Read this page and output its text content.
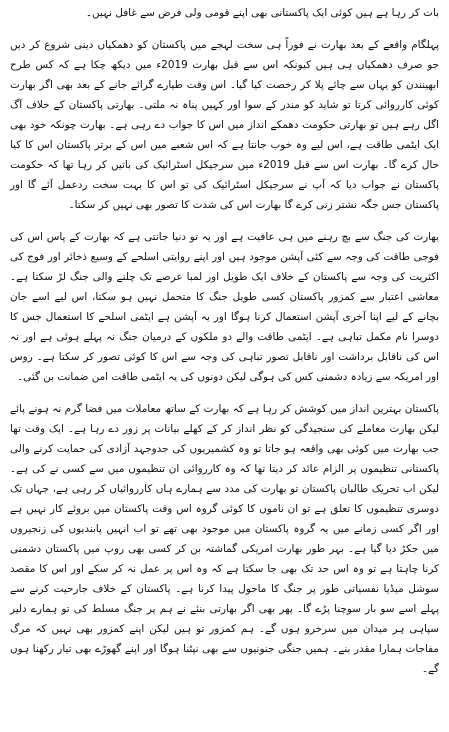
بات کر رہا ہے ہیں کوئی ایک پاکستانی بھی اپنے قومی ولی فرض سے غافل نہیں۔

پہلگام واقعے کے بعد بھارت نے فوراً ہی سخت لہجے میں پاکستان کو دھمکیاں دینی شروع کر دیں جو صرف دھمکیاں ہی ہیں کیونکہ اس سے قبل بھارت 2019ء میں دیکھ چکا ہے کہ کس طرح ابھینندن کو یہاں سے چائے پلا کر رخصت کیا گیا۔ اس وقت طیارے گرائے جانے کے بعد بھی اگر بھارت کوئی کارروائی کرتا تو شاید کو مندر کے سوا اور کہیں پناہ نہ ملتی۔ بھارتی پاکستان کے خلاف آگ اگل رہے ہیں تو بھارتی حکومت دھمکے انداز میں اس کا جواب دے رہی ہے۔ بھارت چونکہ خود بھی ایک ایٹمی طاقت ہے، اس لیے وہ خوب جانتا ہے کہ اس شعبے میں اس کے برتر پاکستان اس کا کیا حال کرے گا۔ بھارت اس سے قبل 2019ء میں سرجیکل اسٹرائیک کی باتیں کر رہا تھا کہ حکومت پاکستان نے جواب دیا کہ آپ نے سرجیکل اسٹرائیک کی تو اس کا بہت سخت ردعمل آئے گا اور پاکستان جس جگہ نشتر زنی کرے گا بھارت اس کی شدت کا تصور بھی نہیں کر سکتا۔

بھارت کی جنگ سے بچ رہنے میں ہی عافیت ہے اور یہ تو دنیا جانتی ہے کہ بھارت کے پاس اس کی فوجی طاقت کی وجہ سے کئی آپشن موجود ہیں اور اپنے روایتی اسلحے کے وسیع ذخائر اور فوج کی اکثریت کی وجہ سے پاکستان کے خلاف ایک طویل اور لمبا عرصے تک چلنے والی جنگ لڑ سکتا ہے۔ معاشی اعتبار سے کمزور پاکستان کسی طویل جنگ کا متحمل نہیں ہو سکتا، اس لیے اسے جان بچانے کے لیے اپنا آخری آپشن استعمال کرنا ہوگا اور یہ آپشن ہے ایٹمی اسلحے کا استعمال جس کا دوسرا نام مکمل تباہی ہے۔ ایٹمی طاقت والے دو ملکوں کے درمیان جنگ نہ پہلے ہوئی ہے اور نہ اس کی ناقابل برداشت اور ناقابل تصور تباہی کی وجہ سے اس کا کوئی تصور کر سکتا ہے۔ روس اور امریکہ سے زیادہ دشمنی کس کی ہوگی لیکن دونوں کی یہ ایٹمی طاقت امن ضمانت بن گئی۔

پاکستان بہترین انداز میں کوشش کر رہا ہے کہ بھارت کے ساتھ معاملات میں فضا گرم نہ ہونے پائے لیکن بھارت معاملے کی سنجیدگی کو نظر انداز کر کے کھلے بیانات پر زور دے رہا ہے۔ ایک وقت تھا جب بھارت میں کوئی بھی واقعہ ہو جاتا تو وہ کشمیریوں کی جدوجہد آزادی کی حمایت کرنے والی پاکستانی تنظیموں پر الزام عائد کر دیتا تھا کہ وہ کارروائی ان تنظیموں میں سے کسی نے کی ہے۔ لیکن اب تحریک طالبان پاکستان تو بھارت کی مدد سے ہمارے ہاں کارروائیاں کر رہی ہے، جہاں تک دوسری تنظیموں کا تعلق ہے تو ان ناموں کا کوئی گروہ اس وقت پاکستان میں بروئے کار نہیں ہے اور اگر کسی زمانے میں یہ گروہ پاکستان میں موجود بھی تھے تو اب انہیں پابندیوں کی زنجیروں میں جکڑ دیا گیا ہے۔ بہر طور بھارت امریکی گماشتہ بن کر کسی بھی روپ میں پاکستان دشمنی کرنا چاہتا ہے تو وہ اس حد تک بھی جا سکتا ہے کہ وہ اس پر عمل نہ کر سکے اور اس کا مقصد سوشل میڈیا نفسیاتی طور پر جنگ کا ماحول پیدا کرنا ہے۔ پاکستان کے خلاف جارحیت کرنے سے پہلے اسے سو بار سوچنا پڑے گا۔ پھر بھی اگر بھارتی بنئے نے ہم پر جنگ مسلط کی تو ہمارے دلیر سپاہی ہر میدان میں سرخرو ہوں گے۔ ہم کمزور تو ہیں لیکن اپنے کمزور بھی نہیں کہ مرگ مفاجات ہمارا مقدر بنے۔ ہمیں جنگی جنونیوں سے بھی نپٹنا ہوگا اور اپنے گھوڑے بھی تیار رکھنا ہوں گے۔
